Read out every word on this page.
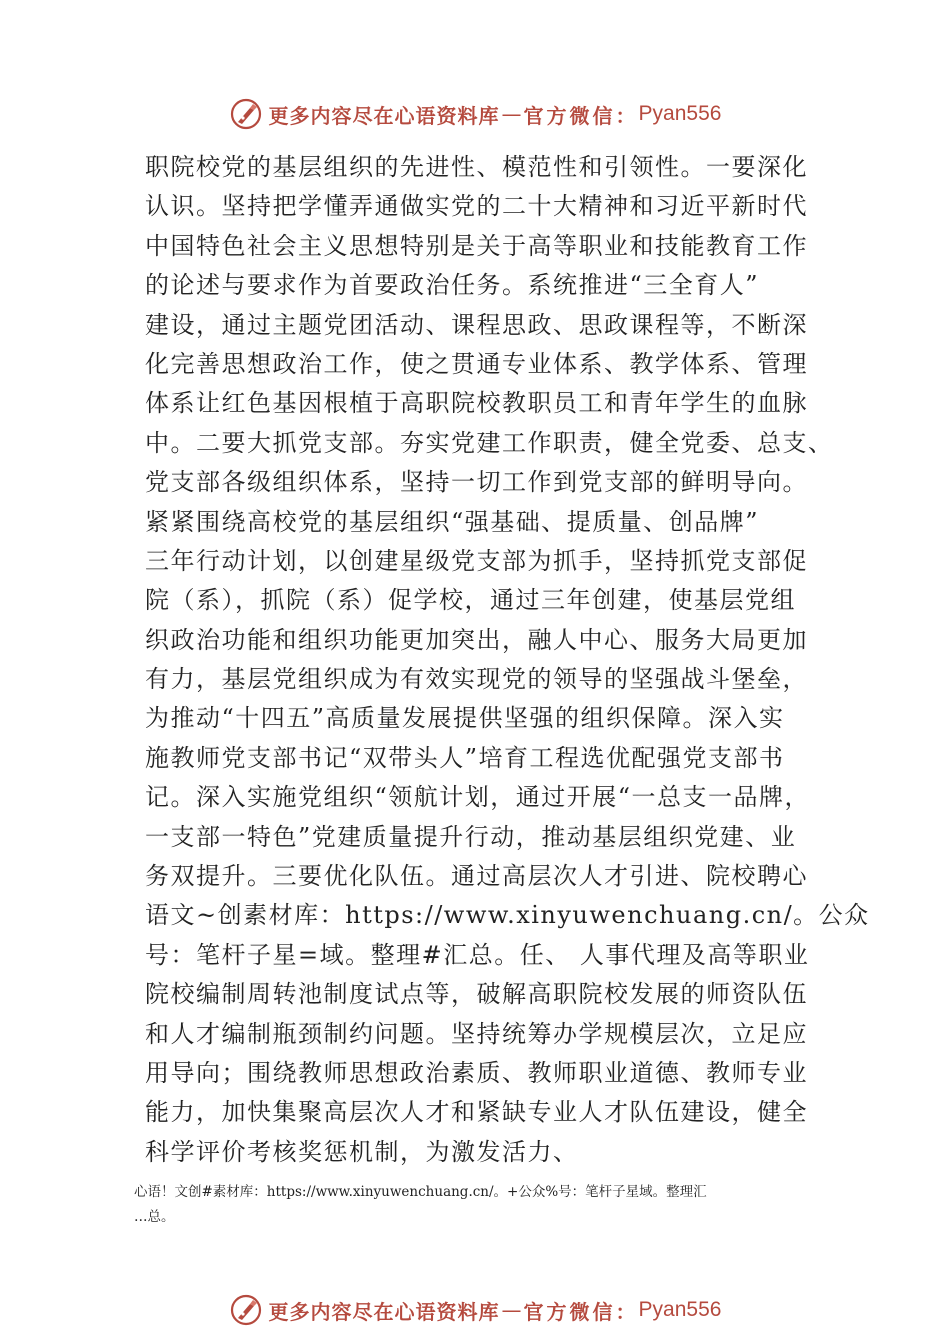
更多内容尽在心语资料库 — 官方微信： Pyan556
职院校党的基层组织的先进性、模范性和引领性。一要深化
认识。坚持把学懂弄通做实党的二十大精神和习近平新时代
中国特色社会主义思想特别是关于高等职业和技能教育工作
的论述与要求作为首要政治任务。系统推进“三全育人”
建设，通过主题党团活动、课程思政、思政课程等，不断深
化完善思想政治工作，使之贯通专业体系、教学体系、管理
体系让红色基因根植于高职院校教职员工和青年学生的血脉
中。二要大抓党支部。夯实党建工作职责，健全党委、总支、
党支部各级组织体系，坚持一切工作到党支部的鲜明导向。
紧紧围绕高校党的基层组织“强基础、提质量、创品牌”
三年行动计划，以创建星级党支部为抓手，坚持抓党支部促
院（系），抓院（系）促学校，通过三年创建，使基层党组
织政治功能和组织功能更加突出，融人中心、服务大局更加
有力，基层党组织成为有效实现党的领导的坚强战斗堡垒，
为推动“十四五”高质量发展提供坚强的组织保障。深入实
施教师党支部书记“双带头人”培育工程选优配强党支部书
记。深入实施党组织“领航计划，通过开展“一总支一品牌，
一支部一特色”党建质量提升行动，推动基层组织党建、业
务双提升。三要优化队伍。通过高层次人才引进、院校聘心
语文~创素材库：https://www.xinyuwenchuang.cn/。公众
号：笔杆子星=域。整理#汇总。任、 人事代理及高等职业
院校编制周转池制度试点等，破解高职院校发展的师资队伍
和人才编制瓶颈制约问题。坚持统筹办学规模层次，立足应
用导向；围绕教师思想政治素质、教师职业道德、教师专业
能力，加快集聚高层次人才和紧缺专业人才队伍建设，健全
科学评价考核奖惩机制，为激发活力、
心语！文创#素材库：https://www.xinyuwenchuang.cn/。+公众%号：笔杆子星域。整理汇
…总。
更多内容尽在心语资料库 — 官方微信： Pyan556
